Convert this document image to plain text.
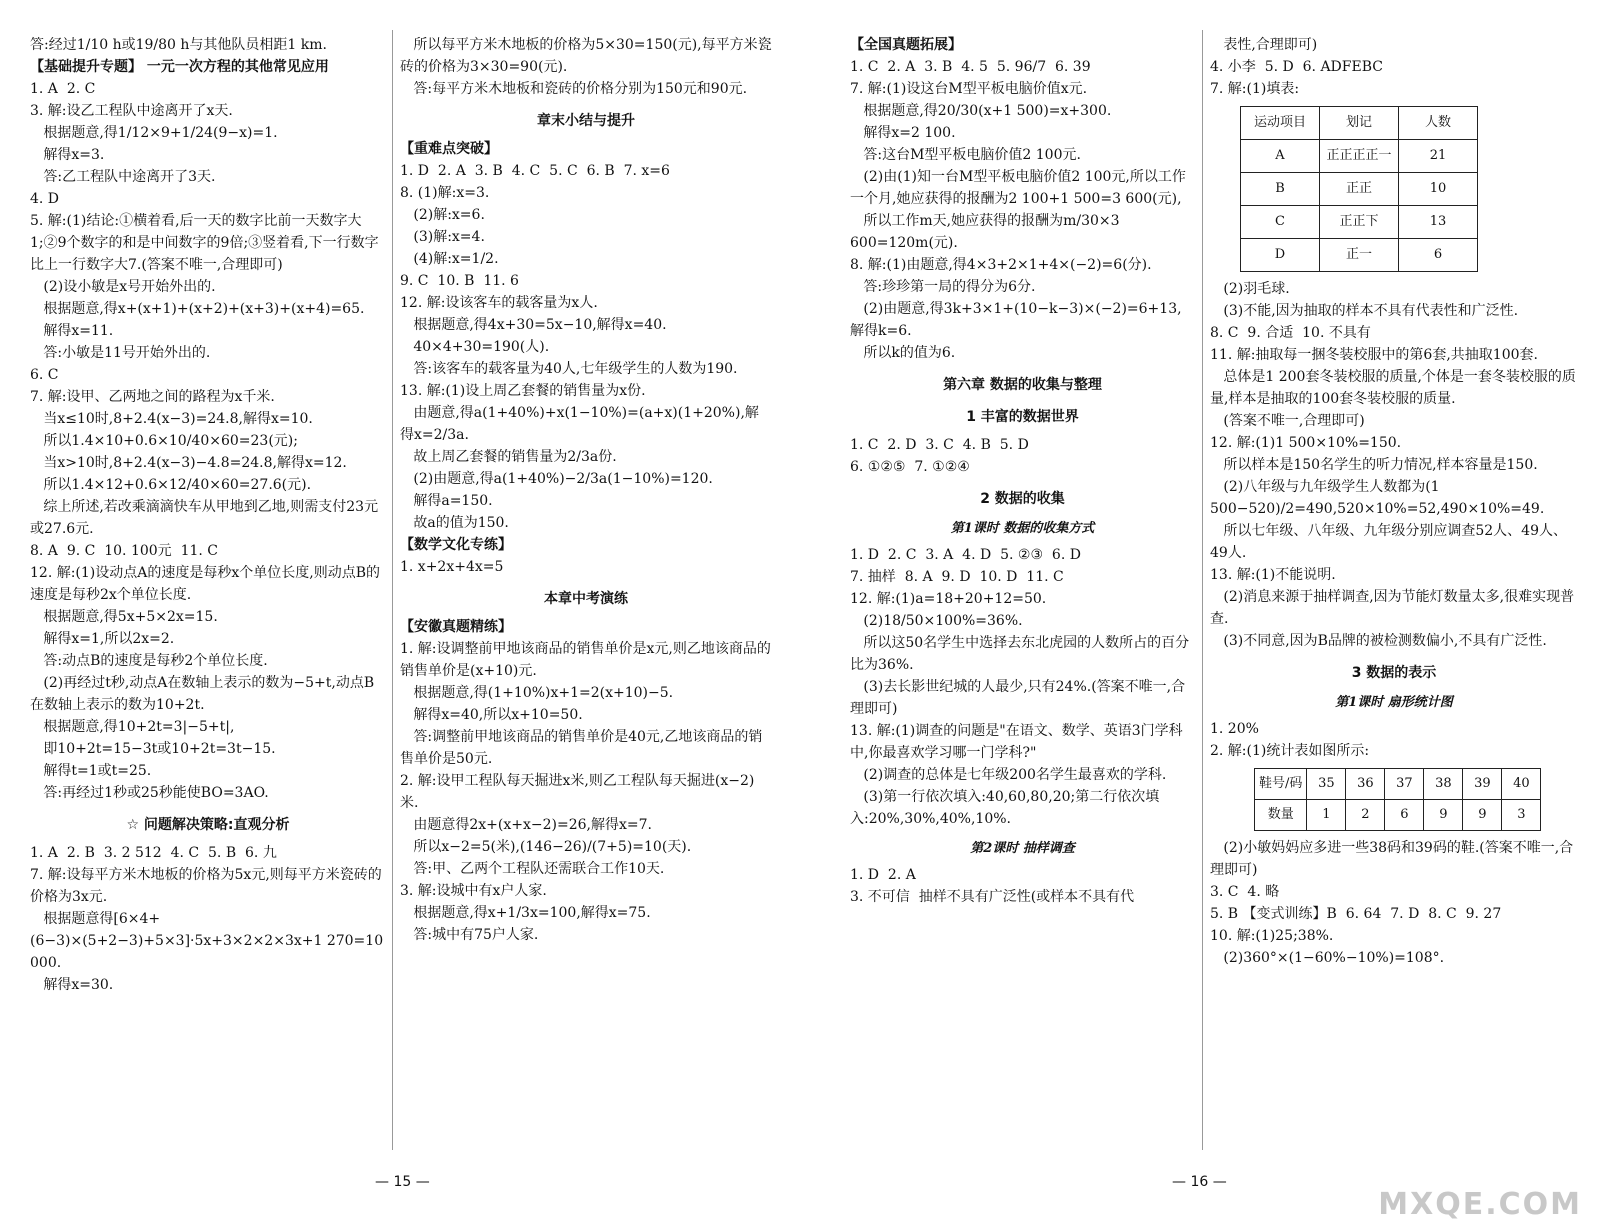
答:经过1/10 h或19/80 h与其他队员相距1 km.
【基础提升专题】 一元一次方程的其他常见应用
1. A  2. C
3. 解:设乙工程队中途离开了x天.
根据题意,得1/12×9+1/24(9−x)=1.
解得x=3.
答:乙工程队中途离开了3天.
4. D
5. 解:(1)结论:①横着看,后一天的数字比前一天数字大1;②9个数字的和是中间数字的9倍;③竖着看,下一行数字比上一行数字大7.(答案不唯一,合理即可)
(2)设小敏是x号开始外出的.
根据题意,得x+(x+1)+(x+2)+(x+3)+(x+4)=65.
解得x=11.
答:小敏是11号开始外出的.
6. C
7. 解:设甲、乙两地之间的路程为x千米.
当x≤10时,8+2.4(x−3)=24.8,解得x=10.
所以1.4×10+0.6×10/40×60=23(元);
当x>10时,8+2.4(x−3)−4.8=24.8,解得x=12.
所以1.4×12+0.6×12/40×60=27.6(元).
综上所述,若改乘滴滴快车从甲地到乙地,则需支付23元或27.6元.
8. A  9. C  10. 100元  11. C
12. 解:(1)设动点A的速度是每秒x个单位长度,则动点B的速度是每秒2x个单位长度.
根据题意,得5x+5×2x=15.
解得x=1,所以2x=2.
答:动点B的速度是每秒2个单位长度.
(2)再经过t秒,动点A在数轴上表示的数为−5+t,动点B在数轴上表示的数为10+2t.
根据题意,得10+2t=3|−5+t|,
即10+2t=15−3t或10+2t=3t−15.
解得t=1或t=25.
答:再经过1秒或25秒能使BO=3AO.
☆ 问题解决策略:直观分析
1. A  2. B  3. 2 512  4. C  5. B  6. 九
7. 解:设每平方米木地板的价格为5x元,则每平方米瓷砖的价格为3x元.
根据题意得[6×4+(6−3)×(5+2−3)+5×3]·5x+3×2×2×3x+1 270=10 000.
解得x=30.
所以每平方米木地板的价格为5×30=150(元),每平方米瓷砖的价格为3×30=90(元).
答:每平方米木地板和瓷砖的价格分别为150元和90元.
章末小结与提升
【重难点突破】
1. D  2. A  3. B  4. C  5. C  6. B  7. x=6
8. (1)解:x=3.
(2)解:x=6.
(3)解:x=4.
(4)解:x=1/2.
9. C  10. B  11. 6
12. 解:设该客车的载客量为x人.
根据题意,得4x+30=5x−10,解得x=40.
40×4+30=190(人).
答:该客车的载客量为40人,七年级学生的人数为190.
13. 解:(1)设上周乙套餐的销售量为x份.
由题意,得a(1+40%)+x(1−10%)=(a+x)(1+20%),解得x=2/3a.
故上周乙套餐的销售量为2/3a份.
(2)由题意,得a(1+40%)−2/3a(1−10%)=120.
解得a=150.
故a的值为150.
【数学文化专练】
1. x+2x+4x=5
本章中考演练
【安徽真题精练】
1. 解:设调整前甲地该商品的销售单价是x元,则乙地该商品的销售单价是(x+10)元.
根据题意,得(1+10%)x+1=2(x+10)−5.
解得x=40,所以x+10=50.
答:调整前甲地该商品的销售单价是40元,乙地该商品的销售单价是50元.
2. 解:设甲工程队每天掘进x米,则乙工程队每天掘进(x−2)米.
由题意得2x+(x+x−2)=26,解得x=7.
所以x−2=5(米),(146−26)/(7+5)=10(天).
答:甲、乙两个工程队还需联合工作10天.
3. 解:设城中有x户人家.
根据题意,得x+1/3x=100,解得x=75.
答:城中有75户人家.
— 15 —
【全国真题拓展】
1. C  2. A  3. B  4. 5  5. 96/7  6. 39
7. 解:(1)设这台M型平板电脑价值x元.
根据题意,得20/30(x+1 500)=x+300.
解得x=2 100.
答:这台M型平板电脑价值2 100元.
(2)由(1)知一台M型平板电脑价值2 100元,所以工作一个月,她应获得的报酬为2 100+1 500=3 600(元),
所以工作m天,她应获得的报酬为m/30×3 600=120m(元).
8. 解:(1)由题意,得4×3+2×1+4×(−2)=6(分).
答:珍珍第一局的得分为6分.
(2)由题意,得3k+3×1+(10−k−3)×(−2)=6+13,解得k=6.
所以k的值为6.
第六章 数据的收集与整理
1 丰富的数据世界
1. C  2. D  3. C  4. B  5. D
6. ①②⑤  7. ①②④
2 数据的收集
第1课时 数据的收集方式
1. D  2. C  3. A  4. D  5. ②③  6. D
7. 抽样  8. A  9. D  10. D  11. C
12. 解:(1)a=18+20+12=50.
(2)18/50×100%=36%.
所以这50名学生中选择去东北虎园的人数所占的百分比为36%.
(3)去长影世纪城的人最少,只有24%.(答案不唯一,合理即可)
13. 解:(1)调查的问题是"在语文、数学、英语3门学科中,你最喜欢学习哪一门学科?"
(2)调查的总体是七年级200名学生最喜欢的学科.
(3)第一行依次填入:40,60,80,20;第二行依次填入:20%,30%,40%,10%.
第2课时 抽样调查
1. D  2. A
3. 不可信  抽样不具有广泛性(或样本不具有代
表性,合理即可)
4. 小李  5. D  6. ADFEBC
7. 解:(1)填表:
运动项目	划记	人数
A	正正正正一	21
B	正正	10
C	正正下	13
D	正一	6
(2)羽毛球.
(3)不能,因为抽取的样本不具有代表性和广泛性.
8. C  9. 合适  10. 不具有
11. 解:抽取每一捆冬装校服中的第6套,共抽取100套.
总体是1 200套冬装校服的质量,个体是一套冬装校服的质量,样本是抽取的100套冬装校服的质量.
(答案不唯一,合理即可)
12. 解:(1)1 500×10%=150.
所以样本是150名学生的听力情况,样本容量是150.
(2)八年级与九年级学生人数都为(1 500−520)/2=490,520×10%=52,490×10%=49.
所以七年级、八年级、九年级分别应调查52人、49人、49人.
13. 解:(1)不能说明.
(2)消息来源于抽样调查,因为节能灯数量太多,很难实现普查.
(3)不同意,因为B品牌的被检测数偏小,不具有广泛性.
3 数据的表示
第1课时 扇形统计图
1. 20%
2. 解:(1)统计表如图所示:
鞋号/码	35	36	37	38	39	40
数量	1	2	6	9	9	3
(2)小敏妈妈应多进一些38码和39码的鞋.(答案不唯一,合理即可)
3. C  4. 略
5. B 【变式训练】B  6. 64  7. D  8. C  9. 27
10. 解:(1)25;38%.
(2)360°×(1−60%−10%)=108°.
— 16 —
MXQE.COM
